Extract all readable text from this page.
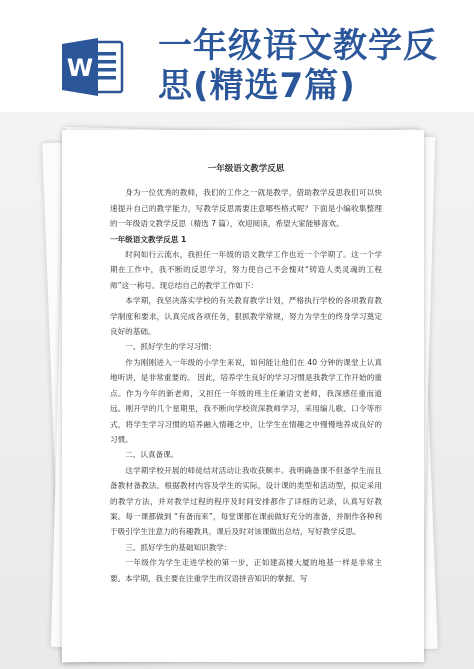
W
一年级语文教学反
思(精选7篇)
一年级语文教学反思

身为一位优秀的教师，我们的工作之一就是教学，借助教学反思我们可以快速提升自己的教学能力，写教学反思需要注意哪些格式呢？下面是小编收集整理的一年级语文教学反思（精选 7 篇），欢迎阅读，希望大家能够喜欢。

一年级语文教学反思 1

时间如行云流水，我担任一年级的语文教学工作也近一个学期了。这一个学期在工作中，我不断的反思学习，努力使自己不会愧对“铸造人类灵魂的工程师”这一称号。现总结自己的教学工作如下：

本学期，我坚决落实学校的有关教育教学计划，严格执行学校的各项教育教学制度和要求，认真完成各项任务，狠抓教学常规，努力为学生的终身学习奠定良好的基础。

一、抓好学生的学习习惯：

作为刚刚进入一年级的小学生来说，如何能让他们在 40 分钟的课堂上认真地听讲，是非常重要的。 因此，培养学生良好的学习习惯是我教学工作开始的重点。作为今年的新老师，又担任一年级的班主任兼语文老师，我深感任重而道远。刚开学的几个星期里，我不断向学校资深教师学习，采用编儿歌、口令等形式，将学生学习习惯的培养融入情趣之中，让学生在情趣之中慢慢地养成良好的习惯。

二、认真备课。

这学期学校开展的师徒结对活动让我收获颇丰。我明确备课不但备学生而且备教材备教法，根据教材内容及学生的实际，设计课的类型和活动型，拟定采用的教学方法，并对教学过程的程序及时间安排都作了详细的记录，认真写好教案。每一课都做到 “有备而来”，每堂课都在课前做好充分的准备，并制作各种利于吸引学生注意力的有趣教具，课后及时对该课做出总结，写好教学反思。

三、抓好学生的基础知识教学：

一年级作为学生走进学校的第一步，正如建高楼大厦的地基一样是非常主要。本学期，我主要在注重学生的汉语拼音知识的掌握、写
